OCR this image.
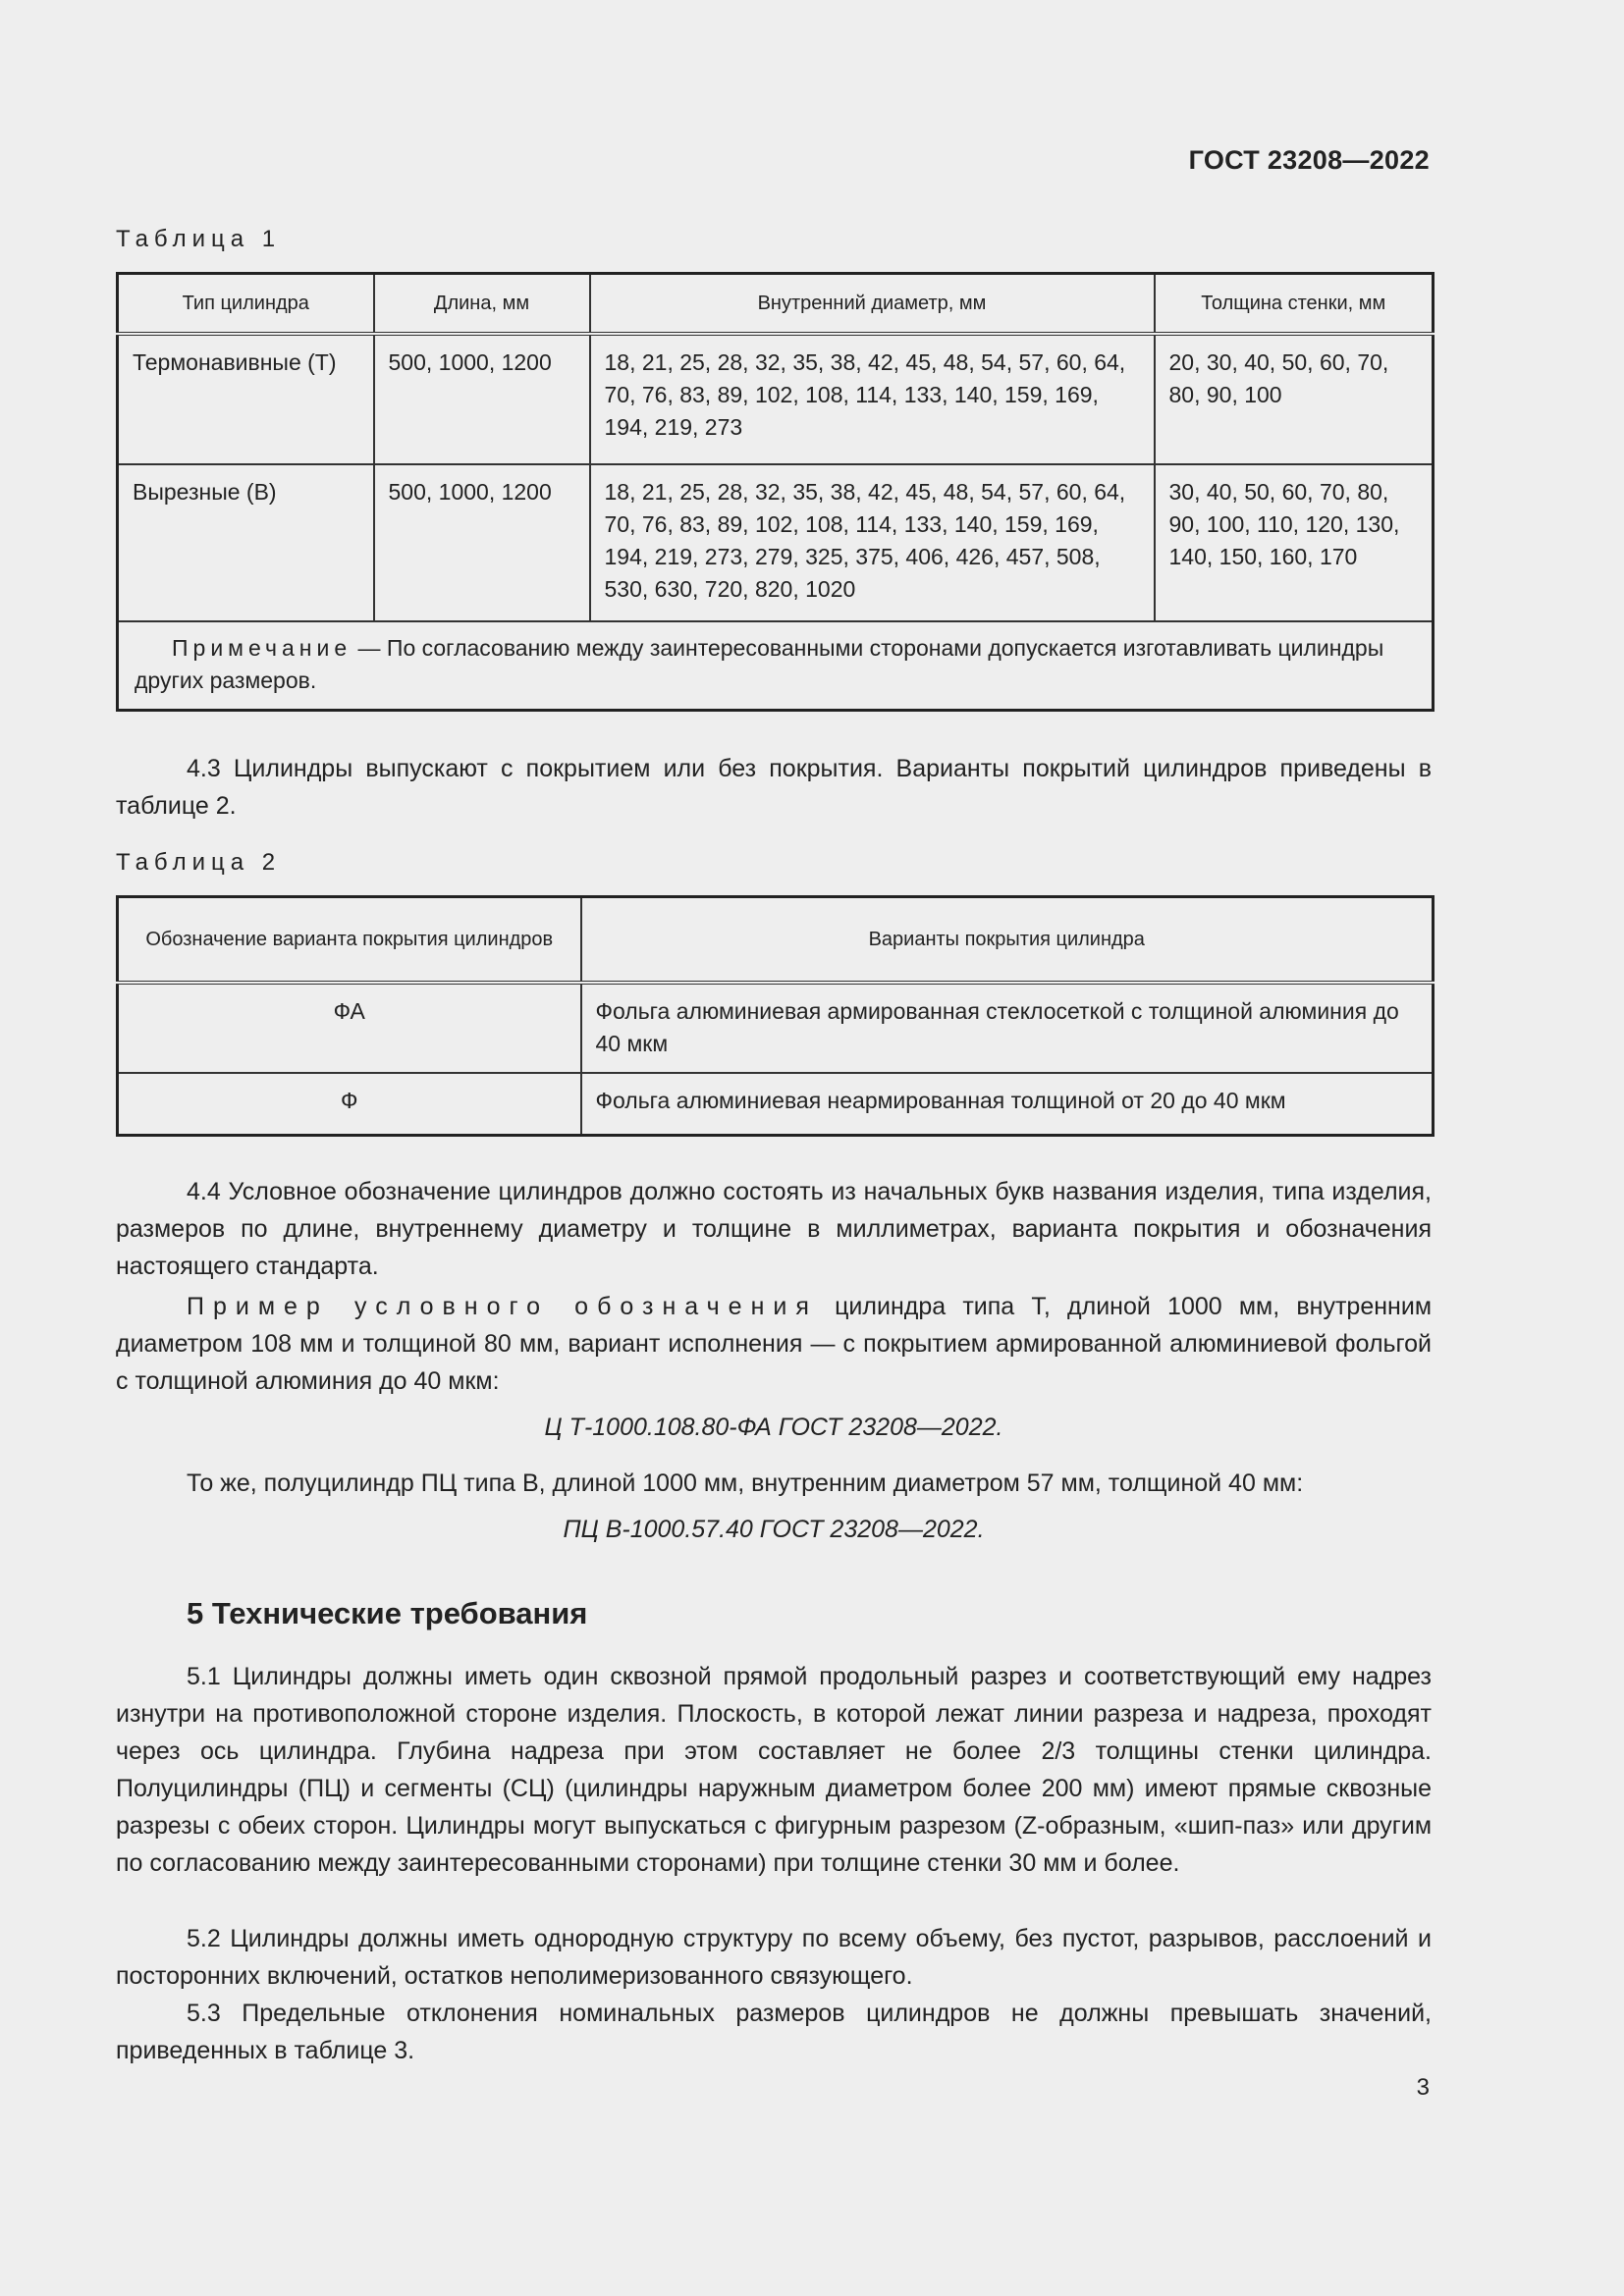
ГОСТ 23208—2022
Таблица 1
Тип цилиндра	Длина, мм	Внутренний диаметр, мм	Толщина стенки, мм
Термонавивные (Т)	500, 1000, 1200	18, 21, 25, 28, 32, 35, 38, 42, 45, 48, 54, 57, 60, 64, 70, 76, 83, 89, 102, 108, 114, 133, 140, 159, 169, 194, 219, 273	20, 30, 40, 50, 60, 70, 80, 90, 100
Вырезные (В)	500, 1000, 1200	18, 21, 25, 28, 32, 35, 38, 42, 45, 48, 54, 57, 60, 64, 70, 76, 83, 89, 102, 108, 114, 133, 140, 159, 169, 194, 219, 273, 279, 325, 375, 406, 426, 457, 508, 530, 630, 720, 820, 1020	30, 40, 50, 60, 70, 80, 90, 100, 110, 120, 130, 140, 150, 160, 170
Примечание — По согласованию между заинтересованными сторонами допускается изготавливать цилиндры других размеров.			
4.3 Цилиндры выпускают с покрытием или без покрытия. Варианты покрытий цилиндров приведены в таблице 2.
Таблица 2
Обозначение варианта покрытия цилиндров	Варианты покрытия цилиндра
ФА	Фольга алюминиевая армированная стеклосеткой с толщиной алюминия до 40 мкм
Ф	Фольга алюминиевая неармированная толщиной от 20 до 40 мкм
4.4 Условное обозначение цилиндров должно состоять из начальных букв названия изделия, типа изделия, размеров по длине, внутреннему диаметру и толщине в миллиметрах, варианта покрытия и обозначения настоящего стандарта.
Пример условного обозначения цилиндра типа Т, длиной 1000 мм, внутренним диаметром 108 мм и толщиной 80 мм, вариант исполнения — с покрытием армированной алюминиевой фольгой с толщиной алюминия до 40 мкм:
Ц Т-1000.108.80-ФА ГОСТ 23208—2022.
То же, полуцилиндр ПЦ типа В, длиной 1000 мм, внутренним диаметром 57 мм, толщиной 40 мм:
ПЦ В-1000.57.40 ГОСТ 23208—2022.
5 Технические требования
5.1 Цилиндры должны иметь один сквозной прямой продольный разрез и соответствующий ему надрез изнутри на противоположной стороне изделия. Плоскость, в которой лежат линии разреза и надреза, проходят через ось цилиндра. Глубина надреза при этом составляет не более 2/3 толщины стенки цилиндра. Полуцилиндры (ПЦ) и сегменты (СЦ) (цилиндры наружным диаметром более 200 мм) имеют прямые сквозные разрезы с обеих сторон. Цилиндры могут выпускаться с фигурным разрезом (Z-образным, «шип-паз» или другим по согласованию между заинтересованными сторонами) при толщине стенки 30 мм и более.
5.2 Цилиндры должны иметь однородную структуру по всему объему, без пустот, разрывов, расслоений и посторонних включений, остатков неполимеризованного связующего.
5.3 Предельные отклонения номинальных размеров цилиндров не должны превышать значений, приведенных в таблице 3.
3
